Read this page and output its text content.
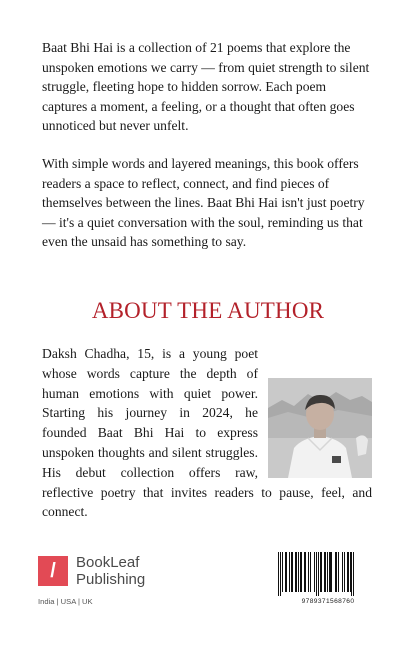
Baat Bhi Hai is a collection of 21 poems that explore the unspoken emotions we carry — from quiet strength to silent struggle, fleeting hope to hidden sorrow. Each poem captures a moment, a feeling, or a thought that often goes unnoticed but never unfelt.

With simple words and layered meanings, this book offers readers a space to reflect, connect, and find pieces of themselves between the lines. Baat Bhi Hai isn't just poetry — it's a quiet conversation with the soul, reminding us that even the unsaid has something to say.

ABOUT THE AUTHOR
Daksh Chadha, 15, is a young poet whose words capture the depth of human emotions with quiet power. Starting his journey in 2024, he founded Baat Bhi Hai to express unspoken thoughts and silent struggles. His debut collection offers raw, reflective poetry that invites readers to pause, feel, and connect.
/	BookLeaf
Publishing

India | USA | UK	9789371568760
